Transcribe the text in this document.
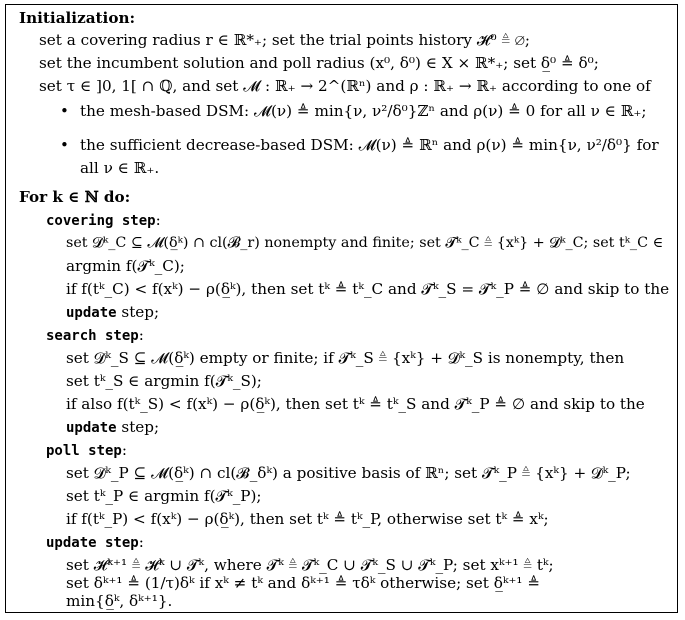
Initialization:
set a covering radius r ∈ ℝ*₊; set the trial points history 𝓗⁰ ≜ ∅;
set the incumbent solution and poll radius (x⁰, δ⁰) ∈ X × ℝ*₊; set δ̲⁰ ≜ δ⁰;
set τ ∈ ]0, 1[ ∩ ℚ, and set 𝓜 : ℝ₊ → 2^(ℝⁿ) and ρ : ℝ₊ → ℝ₊ according to one of
• the mesh-based DSM: 𝓜(ν) ≜ min{ν, ν²/δ⁰}ℤⁿ and ρ(ν) ≜ 0 for all ν ∈ ℝ₊;
• the sufficient decrease-based DSM: 𝓜(ν) ≜ ℝⁿ and ρ(ν) ≜ min{ν, ν²/δ⁰} for
all ν ∈ ℝ₊.
For k ∈ ℕ do:
covering step:
set 𝓓ᵏ_C ⊆ 𝓜(δ̲ᵏ) ∩ cl(𝓑_r) nonempty and finite; set 𝓣ᵏ_C ≜ {xᵏ} + 𝓓ᵏ_C; set tᵏ_C ∈
argmin f(𝓣ᵏ_C);
if f(tᵏ_C) < f(xᵏ) − ρ(δ̲ᵏ), then set tᵏ ≜ tᵏ_C and 𝓣ᵏ_S = 𝓣ᵏ_P ≜ ∅ and skip to the
update step;
search step:
set 𝓓ᵏ_S ⊆ 𝓜(δ̲ᵏ) empty or finite; if 𝓣ᵏ_S ≜ {xᵏ} + 𝓓ᵏ_S is nonempty, then
set tᵏ_S ∈ argmin f(𝓣ᵏ_S);
if also f(tᵏ_S) < f(xᵏ) − ρ(δ̲ᵏ), then set tᵏ ≜ tᵏ_S and 𝓣ᵏ_P ≜ ∅ and skip to the
update step;
poll step:
set 𝓓ᵏ_P ⊆ 𝓜(δ̲ᵏ) ∩ cl(𝓑_δᵏ) a positive basis of ℝⁿ; set 𝓣ᵏ_P ≜ {xᵏ} + 𝓓ᵏ_P;
set tᵏ_P ∈ argmin f(𝓣ᵏ_P);
if f(tᵏ_P) < f(xᵏ) − ρ(δ̲ᵏ), then set tᵏ ≜ tᵏ_P, otherwise set tᵏ ≜ xᵏ;
update step:
set 𝓗ᵏ⁺¹ ≜ 𝓗ᵏ ∪ 𝓣ᵏ, where 𝓣ᵏ ≜ 𝓣ᵏ_C ∪ 𝓣ᵏ_S ∪ 𝓣ᵏ_P; set xᵏ⁺¹ ≜ tᵏ;
set δᵏ⁺¹ ≜ (1/τ)δᵏ if xᵏ ≠ tᵏ and δᵏ⁺¹ ≜ τδᵏ otherwise; set δ̲ᵏ⁺¹ ≜
min{δ̲ᵏ, δᵏ⁺¹}.
